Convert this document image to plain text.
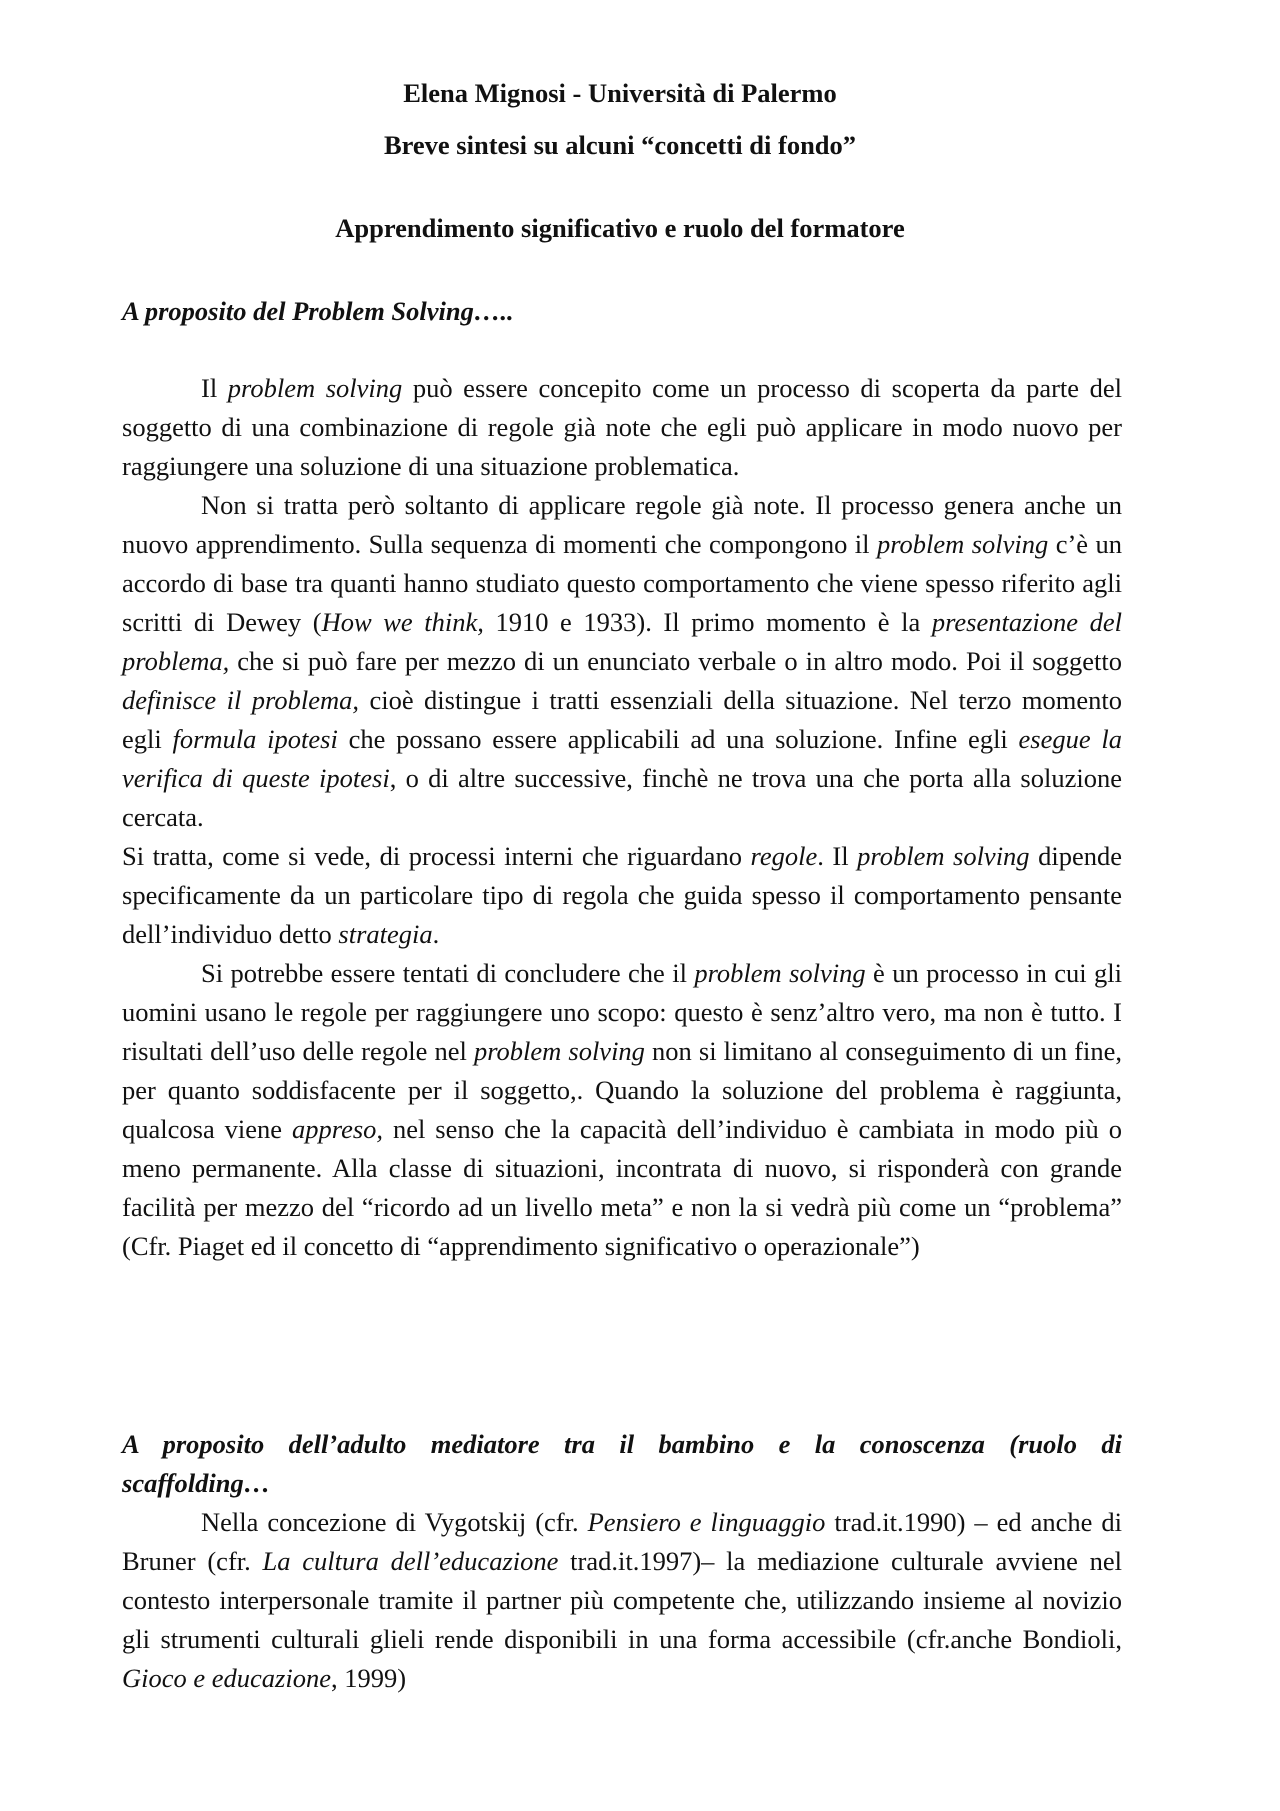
Elena Mignosi - Università di Palermo
Breve sintesi su alcuni “concetti di fondo”
Apprendimento significativo e ruolo del formatore
A proposito del Problem Solving…..

Il problem solving può essere concepito come un processo di scoperta da parte del soggetto di una combinazione di regole già note che egli può applicare in modo nuovo per raggiungere una soluzione di una situazione problematica.

Non si tratta però soltanto di applicare regole già note. Il processo genera anche un nuovo apprendimento. Sulla sequenza di momenti che compongono il problem solving c’è un accordo di base tra quanti hanno studiato questo comportamento che viene spesso riferito agli scritti di Dewey (How we think, 1910 e 1933). Il primo momento è la presentazione del problema, che si può fare per mezzo di un enunciato verbale o in altro modo. Poi il soggetto definisce il problema, cioè distingue i tratti essenziali della situazione. Nel terzo momento egli formula ipotesi che possano essere applicabili ad una soluzione. Infine egli esegue la verifica di queste ipotesi, o di altre successive, finchè ne trova una che porta alla soluzione cercata.

Si tratta, come si vede, di processi interni che riguardano regole. Il problem solving dipende specificamente da un particolare tipo di regola che guida spesso il comportamento pensante dell’individuo detto strategia.

Si potrebbe essere tentati di concludere che il problem solving è un processo in cui gli uomini usano le regole per raggiungere uno scopo: questo è senz’altro vero, ma non è tutto. I risultati dell’uso delle regole nel problem solving non si limitano al conseguimento di un fine, per quanto soddisfacente per il soggetto,. Quando la soluzione del problema è raggiunta, qualcosa viene appreso, nel senso che la capacità dell’individuo è cambiata in modo più o meno permanente. Alla classe di situazioni, incontrata di nuovo, si risponderà con grande facilità per mezzo del “ricordo ad un livello meta” e non la si vedrà più come un “problema” (Cfr. Piaget ed il concetto di “apprendimento significativo o operazionale”)

A proposito dell’adulto mediatore tra il bambino e la conoscenza (ruolo di scaffolding…

Nella concezione di Vygotskij (cfr. Pensiero e linguaggio trad.it.1990) – ed anche di Bruner (cfr. La cultura dell’educazione trad.it.1997)– la mediazione culturale avviene nel contesto interpersonale tramite il partner più competente che, utilizzando insieme al novizio gli strumenti culturali glieli rende disponibili in una forma accessibile (cfr.anche Bondioli, Gioco e educazione, 1999)
